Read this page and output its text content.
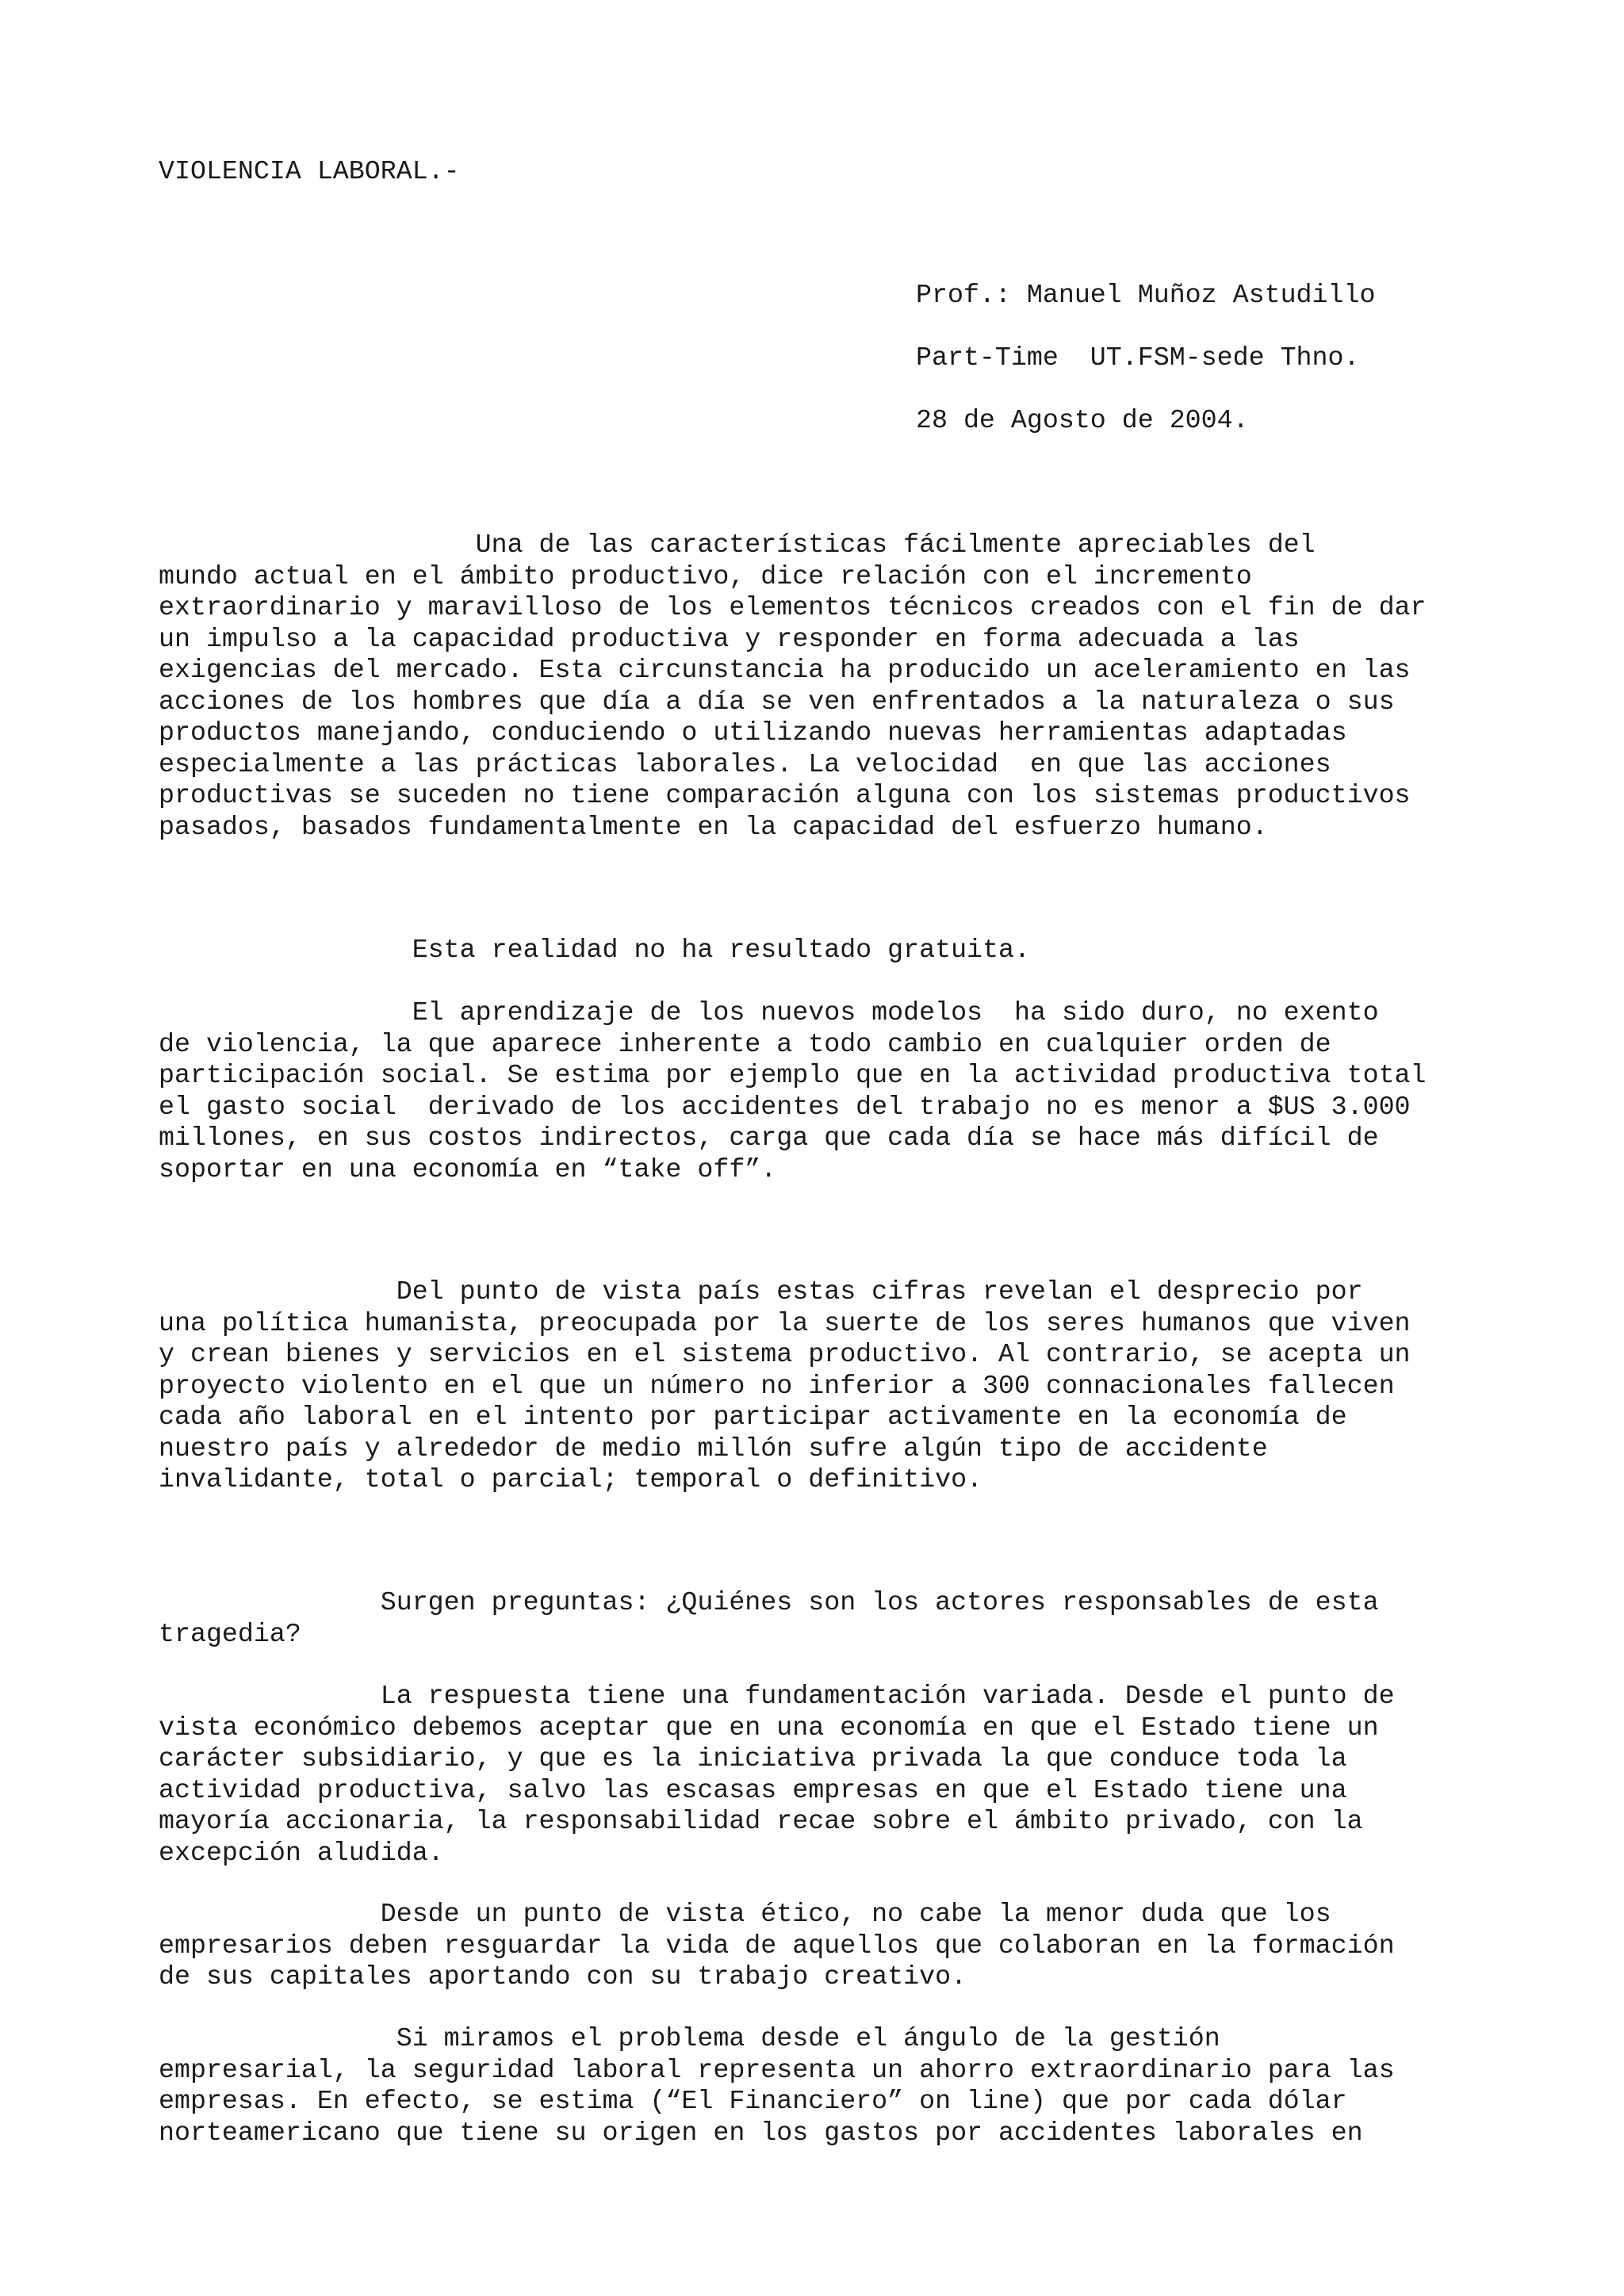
VIOLENCIA LABORAL.-
Prof.: Manuel Muñoz Astudillo
Part-Time  UT.FSM-sede Thno.
28 de Agosto de 2004.
Una de las características fácilmente apreciables del
mundo actual en el ámbito productivo, dice relación con el incremento
extraordinario y maravilloso de los elementos técnicos creados con el fin de dar
un impulso a la capacidad productiva y responder en forma adecuada a las
exigencias del mercado. Esta circunstancia ha producido un aceleramiento en las
acciones de los hombres que día a día se ven enfrentados a la naturaleza o sus
productos manejando, conduciendo o utilizando nuevas herramientas adaptadas
especialmente a las prácticas laborales. La velocidad  en que las acciones
productivas se suceden no tiene comparación alguna con los sistemas productivos
pasados, basados fundamentalmente en la capacidad del esfuerzo humano.
Esta realidad no ha resultado gratuita.
El aprendizaje de los nuevos modelos  ha sido duro, no exento
de violencia, la que aparece inherente a todo cambio en cualquier orden de
participación social. Se estima por ejemplo que en la actividad productiva total
el gasto social  derivado de los accidentes del trabajo no es menor a $US 3.000
millones, en sus costos indirectos, carga que cada día se hace más difícil de
soportar en una economía en “take off”.
Del punto de vista país estas cifras revelan el desprecio por
una política humanista, preocupada por la suerte de los seres humanos que viven
y crean bienes y servicios en el sistema productivo. Al contrario, se acepta un
proyecto violento en el que un número no inferior a 300 connacionales fallecen
cada año laboral en el intento por participar activamente en la economía de
nuestro país y alrededor de medio millón sufre algún tipo de accidente
invalidante, total o parcial; temporal o definitivo.
Surgen preguntas: ¿Quiénes son los actores responsables de esta
tragedia?
La respuesta tiene una fundamentación variada. Desde el punto de
vista económico debemos aceptar que en una economía en que el Estado tiene un
carácter subsidiario, y que es la iniciativa privada la que conduce toda la
actividad productiva, salvo las escasas empresas en que el Estado tiene una
mayoría accionaria, la responsabilidad recae sobre el ámbito privado, con la
excepción aludida.
Desde un punto de vista ético, no cabe la menor duda que los
empresarios deben resguardar la vida de aquellos que colaboran en la formación
de sus capitales aportando con su trabajo creativo.
Si miramos el problema desde el ángulo de la gestión
empresarial, la seguridad laboral representa un ahorro extraordinario para las
empresas. En efecto, se estima (“El Financiero” on line) que por cada dólar
norteamericano que tiene su origen en los gastos por accidentes laborales en
